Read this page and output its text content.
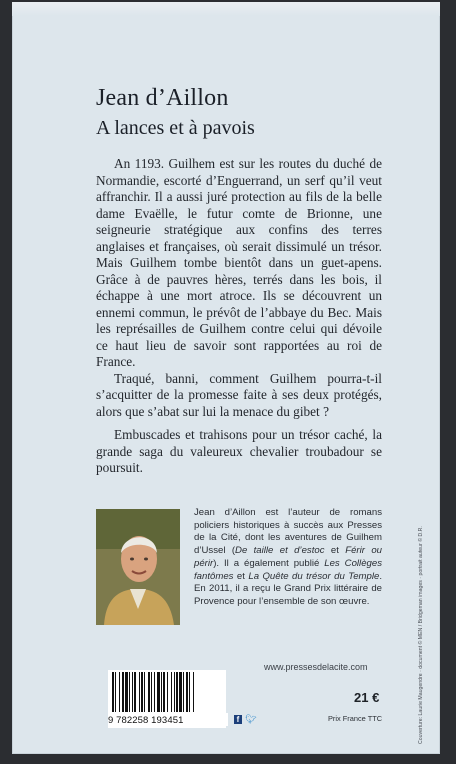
Jean d’Aillon
A lances et à pavois

An 1193. Guilhem est sur les routes du duché de Normandie, escorté d’Enguerrand, un serf qu’il veut affranchir. Il a aussi juré protection au fils de la belle dame Evaëlle, le futur comte de Brionne, une seigneurie stratégique aux confins des terres anglaises et françaises, où serait dissimulé un trésor. Mais Guilhem tombe bientôt dans un guet-apens. Grâce à de pauvres hères, terrés dans les bois, il échappe à une mort atroce. Ils se découvrent un ennemi commun, le prévôt de l’abbaye du Bec. Mais les représailles de Guilhem contre celui qui dévoile ce haut lieu de savoir sont rapportées au roi de France.

Traqué, banni, comment Guilhem pourra-t-il s’acquitter de la promesse faite à ses deux protégés, alors que s’abat sur lui la menace du gibet ?

Embuscades et trahisons pour un trésor caché, la grande saga du valeureux chevalier troubadour se poursuit.

Jean d’Aillon est l’auteur de romans policiers historiques à succès aux Presses de la Cité, dont les aventures de Guilhem d’Ussel (De taille et d’estoc et Férir ou périr). Il a également publié Les Collèges fantômes et La Quête du trésor du Temple. En 2011, il a reçu le Grand Prix littéraire de Provence pour l’ensemble de son œuvre.
www.pressesdelacite.com
9 782258 193451	f 🐦︎
21 €
Prix France TTC	Couverture: Laurie Maugendre · document © MEN / Bridgeman images · portrait auteur © D.R.
